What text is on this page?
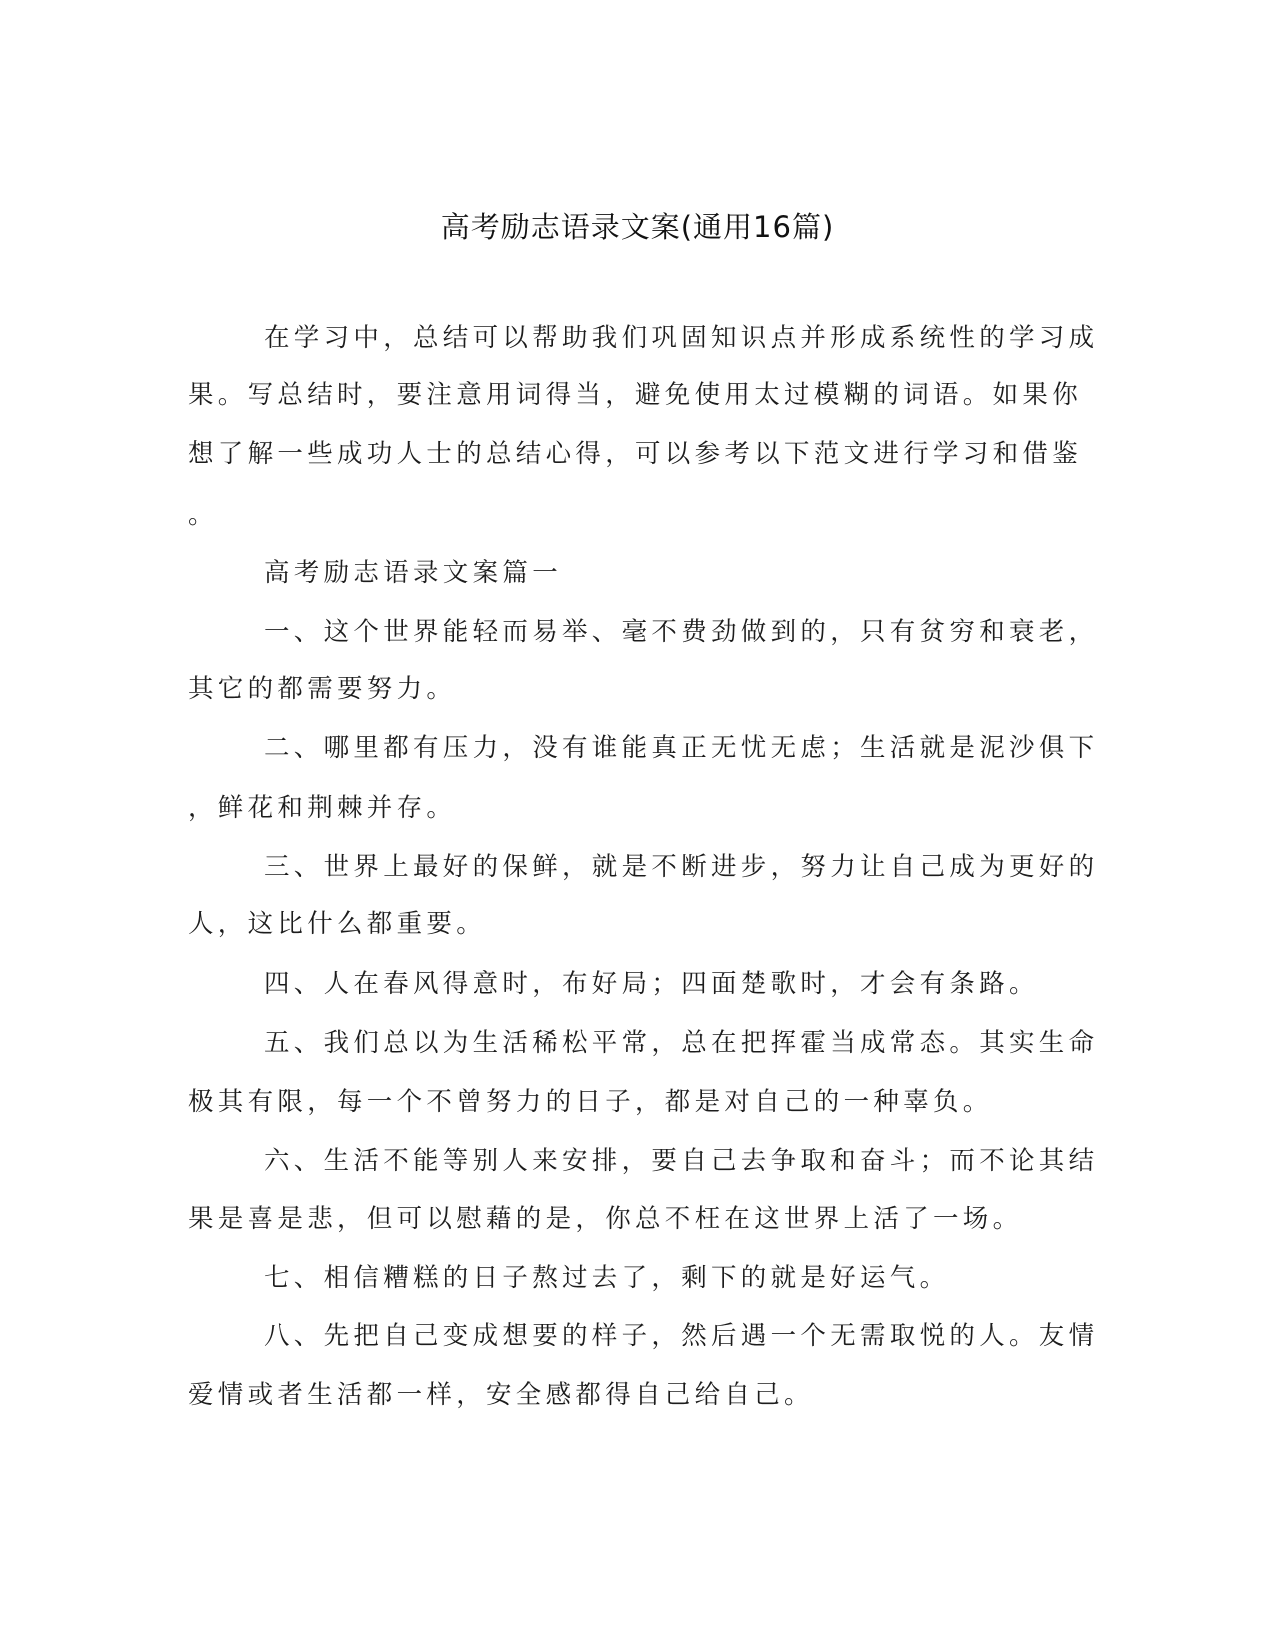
高考励志语录文案(通用16篇)
在学习中，总结可以帮助我们巩固知识点并形成系统性的学习成
果。写总结时，要注意用词得当，避免使用太过模糊的词语。如果你
想了解一些成功人士的总结心得，可以参考以下范文进行学习和借鉴
。
高考励志语录文案篇一
一、这个世界能轻而易举、毫不费劲做到的，只有贫穷和衰老，
其它的都需要努力。
二、哪里都有压力，没有谁能真正无忧无虑；生活就是泥沙俱下
，鲜花和荆棘并存。
三、世界上最好的保鲜，就是不断进步，努力让自己成为更好的
人，这比什么都重要。
四、人在春风得意时，布好局；四面楚歌时，才会有条路。
五、我们总以为生活稀松平常，总在把挥霍当成常态。其实生命
极其有限，每一个不曾努力的日子，都是对自己的一种辜负。
六、生活不能等别人来安排，要自己去争取和奋斗；而不论其结
果是喜是悲，但可以慰藉的是，你总不枉在这世界上活了一场。
七、相信糟糕的日子熬过去了，剩下的就是好运气。
八、先把自己变成想要的样子，然后遇一个无需取悦的人。友情
爱情或者生活都一样，安全感都得自己给自己。
